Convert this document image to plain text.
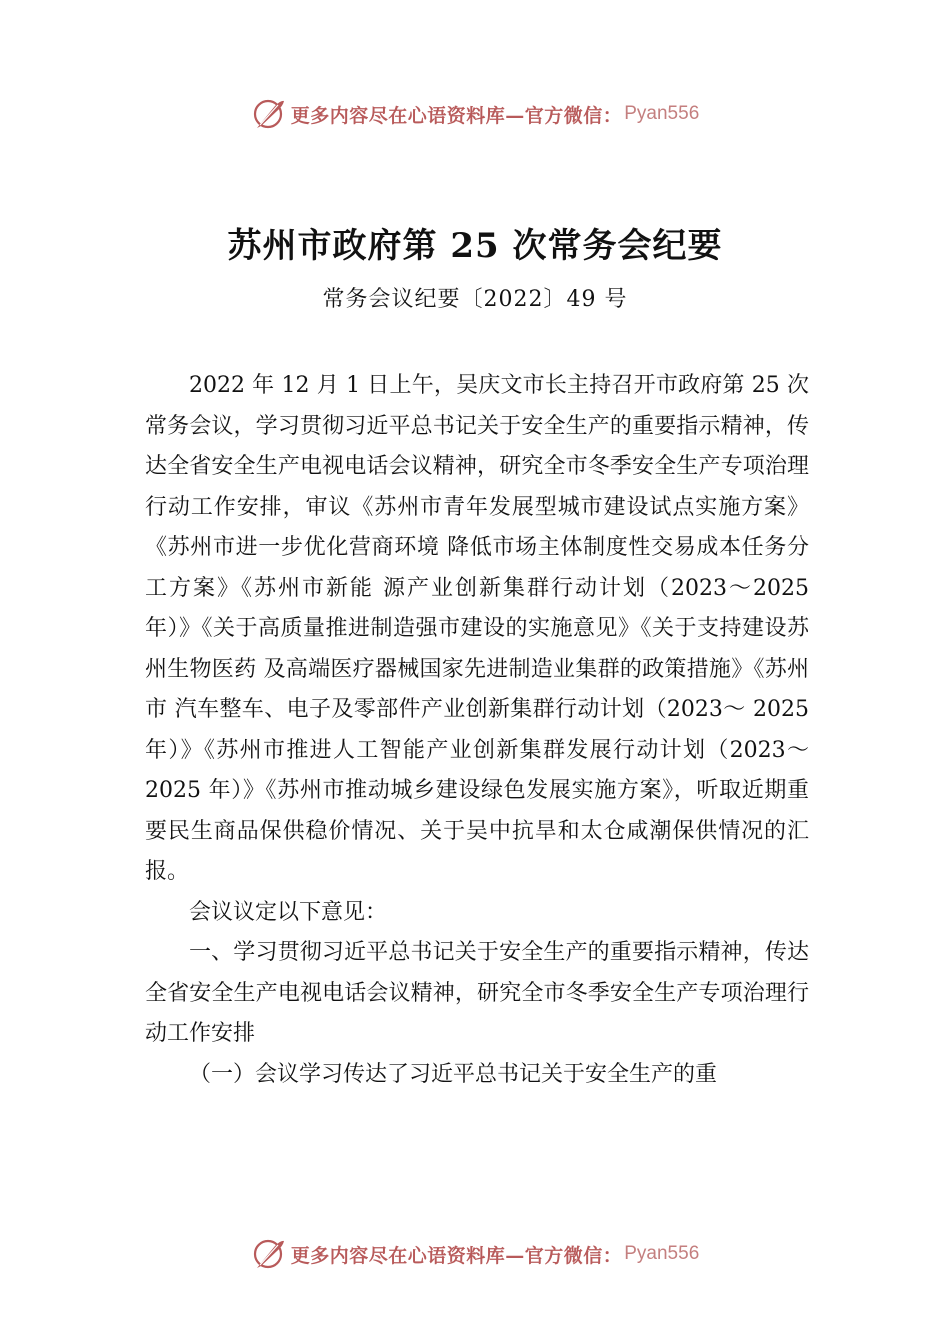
更多内容尽在心语资料库—官方微信： Pyan556
苏州市政府第 25 次常务会纪要
常务会议纪要〔2022〕49 号

2022 年 12 月 1 日上午，吴庆文市长主持召开市政府第 25 次常务会议，学习贯彻习近平总书记关于安全生产的重要指示精神，传达全省安全生产电视电话会议精神，研究全市冬季安全生产专项治理行动工作安排，审议《苏州市青年发展型城市建设试点实施方案》《苏州市进一步优化营商环境 降低市场主体制度性交易成本任务分工方案》《苏州市新能 源产业创新集群行动计划（2023～2025 年）》《关于高质量推进制造强市建设的实施意见》《关于支持建设苏州生物医药 及高端医疗器械国家先进制造业集群的政策措施》《苏州市 汽车整车、电子及零部件产业创新集群行动计划（2023～ 2025 年）》《苏州市推进人工智能产业创新集群发展行动计划（2023～2025 年）》《苏州市推动城乡建设绿色发展实施方案》，听取近期重要民生商品保供稳价情况、关于吴中抗旱和太仓咸潮保供情况的汇报。

会议议定以下意见：

一、学习贯彻习近平总书记关于安全生产的重要指示精神，传达全省安全生产电视电话会议精神，研究全市冬季安全生产专项治理行动工作安排

（一）会议学习传达了习近平总书记关于安全生产的重

更多内容尽在心语资料库—官方微信： Pyan556
